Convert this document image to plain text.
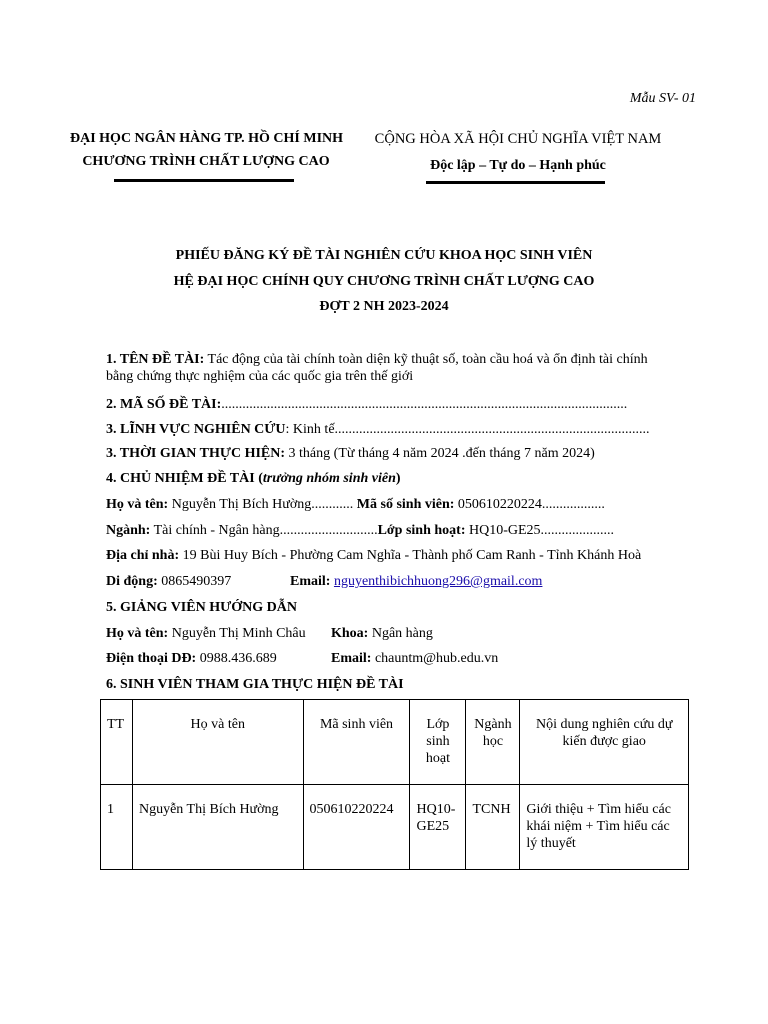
Mẫu SV- 01
ĐẠI HỌC NGÂN HÀNG TP. HỒ CHÍ MINH
CHƯƠNG TRÌNH CHẤT LƯỢNG CAO
CỘNG HÒA XÃ HỘI CHỦ NGHĨA VIỆT NAM
Độc lập – Tự do – Hạnh phúc
PHIẾU ĐĂNG KÝ ĐỀ TÀI NGHIÊN CỨU KHOA HỌC SINH VIÊN
HỆ ĐẠI HỌC CHÍNH QUY CHƯƠNG TRÌNH CHẤT LƯỢNG CAO
ĐỢT 2 NH 2023-2024
1. TÊN ĐỀ TÀI: Tác động của tài chính toàn diện kỹ thuật số, toàn cầu hoá và ổn định tài chính
bằng chứng thực nghiệm của các quốc gia trên thế giới
2. MÃ SỐ ĐỀ TÀI:....................................................................................................................
3. LĨNH VỰC NGHIÊN CỨU: Kinh tế..........................................................................................
3. THỜI GIAN THỰC HIỆN: 3 tháng (Từ tháng 4 năm 2024 .đến tháng 7 năm 2024)
4. CHỦ NHIỆM ĐỀ TÀI (trưởng nhóm sinh viên)
Họ và tên: Nguyễn Thị Bích Hường............ Mã số sinh viên: 050610220224..................
Ngành: Tài chính - Ngân hàng............................Lớp sinh hoạt: HQ10-GE25.....................
Địa chỉ nhà: 19 Bùi Huy Bích - Phường Cam Nghĩa - Thành phố Cam Ranh - Tỉnh Khánh Hoà
Di động: 0865490397	Email: nguyenthibichhuong296@gmail.com
5. GIẢNG VIÊN HƯỚNG DẪN
Họ và tên: Nguyễn Thị Minh Châu Khoa: Ngân hàng
Điện thoại DĐ: 0988.436.689	Email: chauntm@hub.edu.vn
6. SINH VIÊN THAM GIA THỰC HIỆN ĐỀ TÀI
TT	Họ và tên	Mã sinh viên	Lớp sinh hoạt	Ngành học	Nội dung nghiên cứu dự kiến được giao
1	Nguyễn Thị Bích Hường	050610220224	HQ10-GE25	TCNH	Giới thiệu + Tìm hiểu các khái niệm + Tìm hiểu các lý thuyết
